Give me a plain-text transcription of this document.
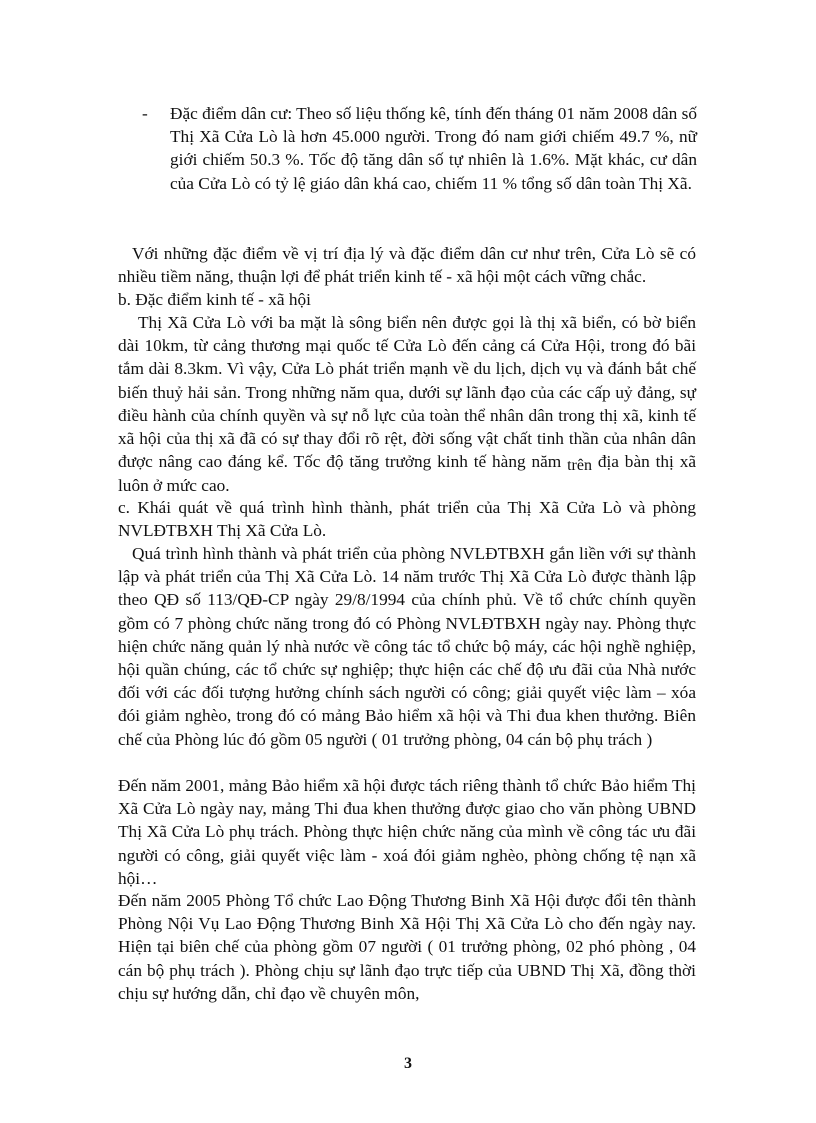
- Đặc điểm dân cư: Theo số liệu thống kê, tính đến tháng 01 năm 2008 dân số Thị Xã Cửa Lò là hơn 45.000 người. Trong đó nam giới chiếm 49.7 %, nữ giới chiếm 50.3 %. Tốc độ tăng dân số tự nhiên là 1.6%. Mặt khác, cư dân của Cửa Lò có tỷ lệ giáo dân khá cao, chiếm 11 % tổng số dân toàn Thị Xã.

Với những đặc điểm về vị trí địa lý và đặc điểm dân cư như trên, Cửa Lò sẽ có nhiều tiềm năng, thuận lợi để phát triển kinh tế - xã hội một cách vững chắc.

b. Đặc điểm kinh tế - xã hội

Thị Xã Cửa Lò với ba mặt là sông biển nên được gọi là thị xã biển, có bờ biển dài 10km, từ cảng thương mại quốc tế Cửa Lò đến cảng cá Cửa Hội, trong đó bãi tắm dài 8.3km. Vì vậy, Cửa Lò phát triển mạnh về du lịch, dịch vụ và đánh bắt chế biến thuỷ hải sản. Trong những năm qua, dưới sự lãnh đạo của các cấp uỷ đảng, sự điều hành của chính quyền và sự nỗ lực của toàn thể nhân dân trong thị xã, kinh tế xã hội của thị xã đã có sự thay đổi rõ rệt, đời sống vật chất tinh thần của nhân dân được nâng cao đáng kể. Tốc độ tăng trưởng kinh tế hàng năm trên địa bàn thị xã luôn ở mức cao.

c. Khái quát về quá trình hình thành, phát triển của Thị Xã Cửa Lò và phòng NVLĐTBXH Thị Xã Cửa Lò.

Quá trình hình thành và phát triển của phòng NVLĐTBXH gắn liền với sự thành lập và phát triển của Thị Xã Cửa Lò. 14 năm trước Thị Xã Cửa Lò được thành lập theo QĐ số 113/QĐ-CP ngày 29/8/1994 của chính phủ. Về tổ chức chính quyền gồm có 7 phòng chức năng trong đó có Phòng NVLĐTBXH ngày nay. Phòng thực hiện chức năng quản lý nhà nước về công tác tổ chức bộ máy, các hội nghề nghiệp, hội quần chúng, các tổ chức sự nghiệp; thực hiện các chế độ ưu đãi của Nhà nước đối với các đối tượng hưởng chính sách người có công; giải quyết việc làm – xóa đói giảm nghèo, trong đó có mảng Bảo hiểm xã hội và Thi đua khen thưởng. Biên chế của Phòng lúc đó gồm 05 người ( 01 trưởng phòng, 04 cán bộ phụ trách )

Đến năm 2001, mảng Bảo hiểm xã hội được tách riêng thành tổ chức Bảo hiểm Thị Xã Cửa Lò ngày nay, mảng Thi đua khen thưởng được giao cho văn phòng UBND Thị Xã Cửa Lò phụ trách. Phòng thực hiện chức năng của mình về công tác ưu đãi người có công, giải quyết việc làm - xoá đói giảm nghèo, phòng chống tệ nạn xã hội…

Đến năm 2005 Phòng Tổ chức Lao Động Thương Binh Xã Hội được đổi tên thành Phòng Nội Vụ Lao Động Thương Binh Xã Hội Thị Xã Cửa Lò cho đến ngày nay. Hiện tại biên chế của phòng gồm 07 người ( 01 trưởng phòng, 02 phó phòng , 04 cán bộ phụ trách ). Phòng chịu sự lãnh đạo trực tiếp của UBND Thị Xã, đồng thời chịu sự hướng dẫn, chỉ đạo về chuyên môn,

3
